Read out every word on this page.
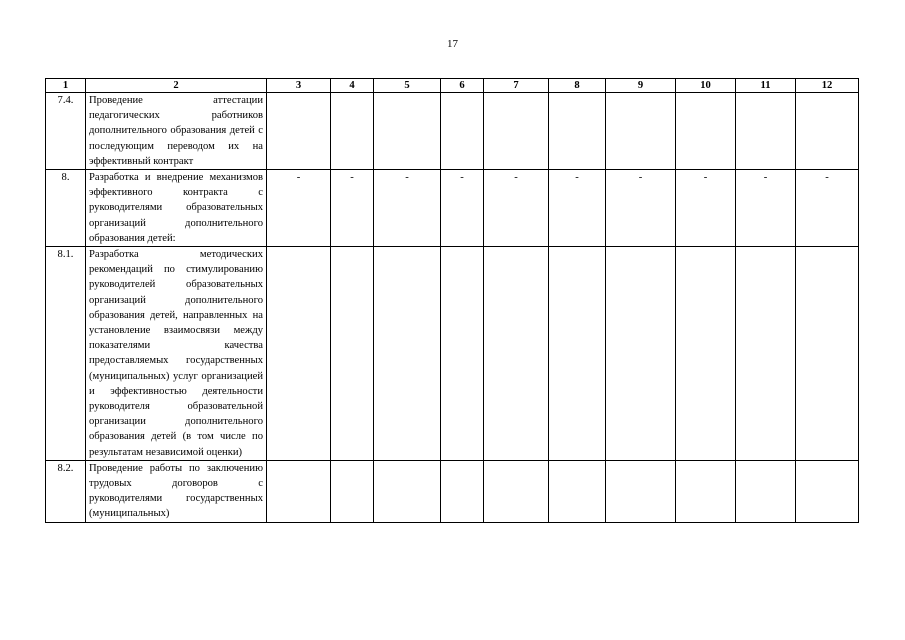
17
1	2	3	4	5	6	7	8	9	10	11	12
7.4.	Проведение аттестации педагогических работников дополнительного образования детей с последующим переводом их на эффективный контракт										
8.	Разработка и внедрение механизмов эффективного контракта с руководителями образовательных организаций дополнительного образования детей:	-	-	-	-	-	-	-	-	-	-
8.1.	Разработка методических рекомендаций по стимулированию руководителей образовательных организаций дополнительного образования детей, направленных на установление взаимосвязи между показателями качества предоставляемых государственных (муниципальных) услуг организацией и эффективностью деятельности руководителя образовательной организации дополнительного образования детей (в том числе по результатам независимой оценки)										
8.2.	Проведение работы по заключению трудовых договоров с руководителями государственных (муниципальных)										
